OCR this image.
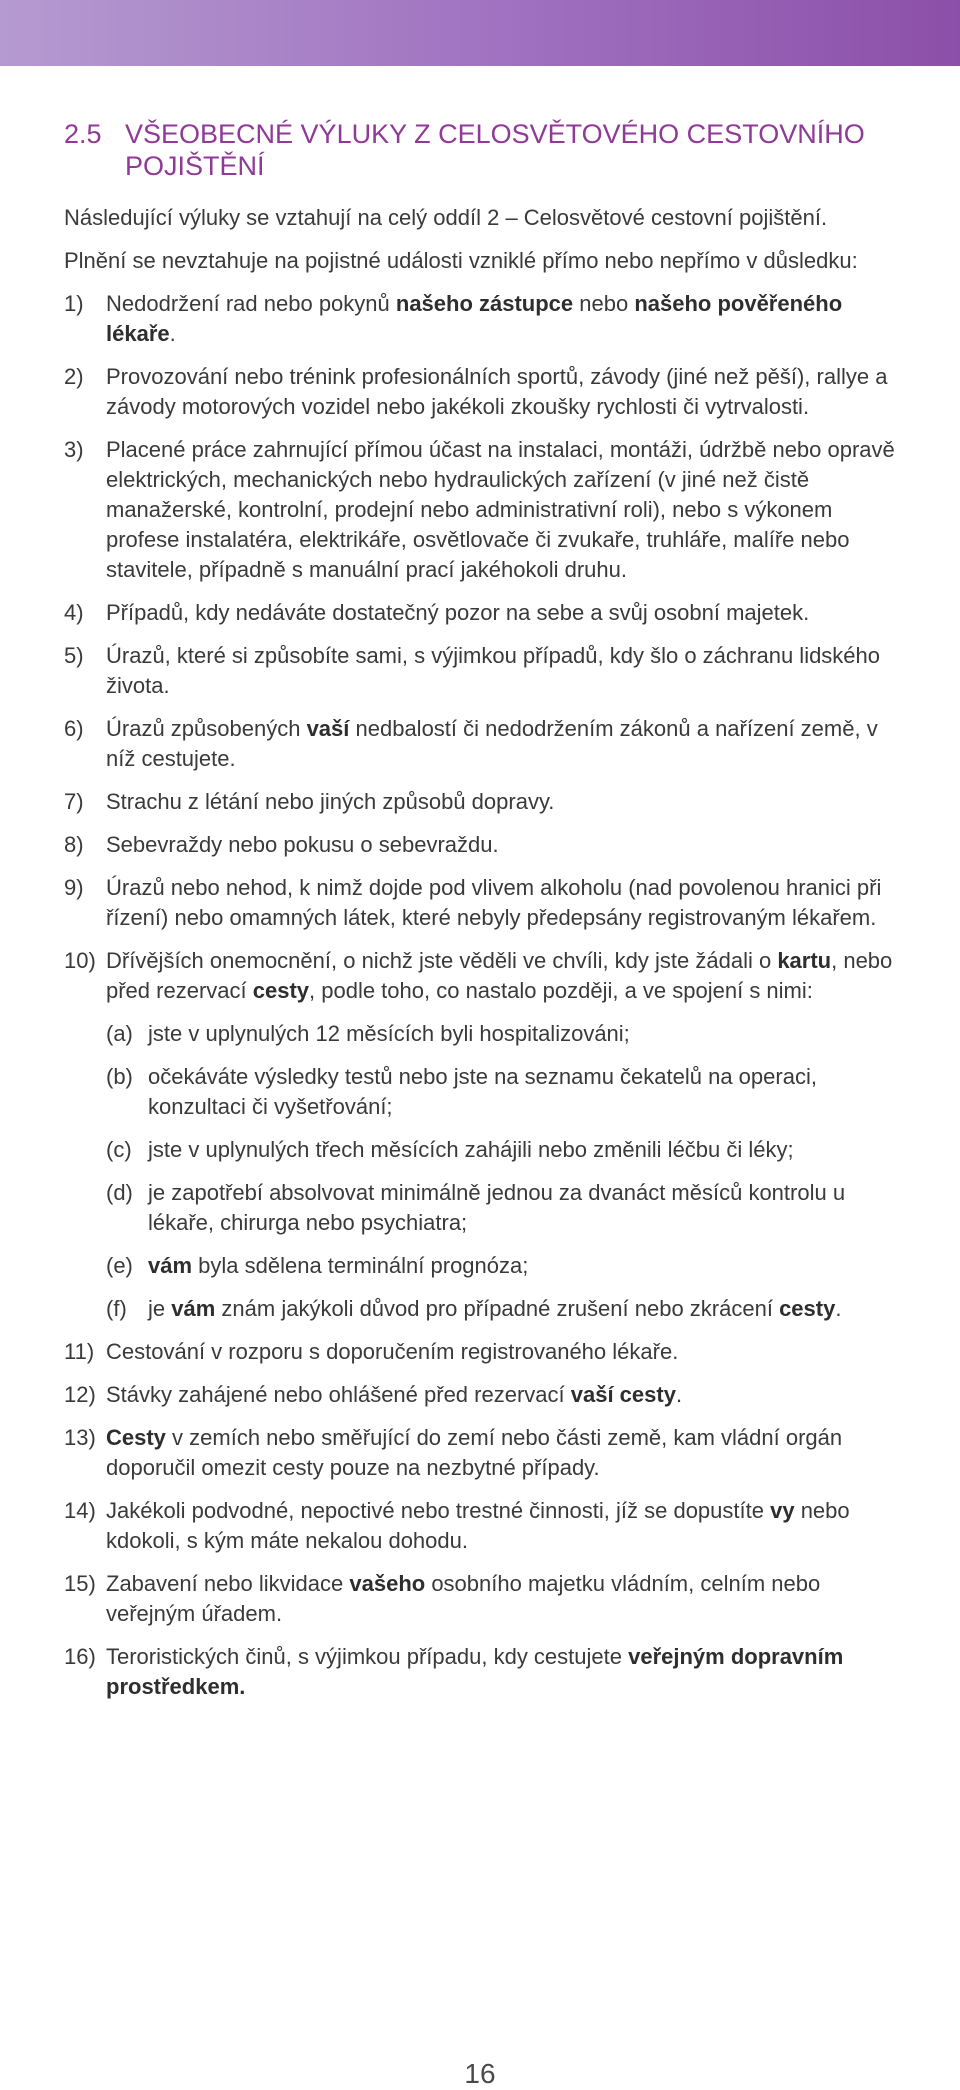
2.5 VŠEOBECNÉ VÝLUKY Z CELOSVĚTOVÉHO CESTOVNÍHO POJIŠTĚNÍ

Následující výluky se vztahují na celý oddíl 2 – Celosvětové cestovní pojištění.

Plnění se nevztahuje na pojistné události vzniklé přímo nebo nepřímo v důsledku:

1)	Nedodržení rad nebo pokynů našeho zástupce nebo našeho pověřeného lékaře.
2)	Provozování nebo trénink profesionálních sportů, závody (jiné než pěší), rallye a závody motorových vozidel nebo jakékoli zkoušky rychlosti či vytrvalosti.
3)	Placené práce zahrnující přímou účast na instalaci, montáži, údržbě nebo opravě elektrických, mechanických nebo hydraulických zařízení (v jiné než čistě manažerské, kontrolní, prodejní nebo administrativní roli), nebo s výkonem profese instalatéra, elektrikáře, osvětlovače či zvukaře, truhláře, malíře nebo stavitele, případně s manuální prací jakéhokoli druhu.
4)	Případů, kdy nedáváte dostatečný pozor na sebe a svůj osobní majetek.
5)	Úrazů, které si způsobíte sami, s výjimkou případů, kdy šlo o záchranu lidského života.
6)	Úrazů způsobených vaší nedbalostí či nedodržením zákonů a nařízení země, v níž cestujete.
7)	Strachu z létání nebo jiných způsobů dopravy.
8)	Sebevraždy nebo pokusu o sebevraždu.
9)	Úrazů nebo nehod, k nimž dojde pod vlivem alkoholu (nad povolenou hranici při řízení) nebo omamných látek, které nebyly předepsány registrovaným lékařem.
10) Dřívějších onemocnění, o nichž jste věděli ve chvíli, kdy jste žádali o kartu, nebo před rezervací cesty, podle toho, co nastalo později, a ve spojení s nimi:
(a) jste v uplynulých 12 měsících byli hospitalizováni;
(b) očekáváte výsledky testů nebo jste na seznamu čekatelů na operaci, konzultaci či vyšetřování;
(c) jste v uplynulých třech měsících zahájili nebo změnili léčbu či léky;
(d) je zapotřebí absolvovat minimálně jednou za dvanáct měsíců kontrolu u lékaře, chirurga nebo psychiatra;
(e) vám byla sdělena terminální prognóza;
(f) je vám znám jakýkoli důvod pro případné zrušení nebo zkrácení cesty.
11) Cestování v rozporu s doporučením registrovaného lékaře.
12) Stávky zahájené nebo ohlášené před rezervací vaší cesty.
13) Cesty v zemích nebo směřující do zemí nebo části země, kam vládní orgán doporučil omezit cesty pouze na nezbytné případy.
14) Jakékoli podvodné, nepoctivé nebo trestné činnosti, jíž se dopustíte vy nebo kdokoli, s kým máte nekalou dohodu.
15) Zabavení nebo likvidace vašeho osobního majetku vládním, celním nebo veřejným úřadem.
16) Teroristických činů, s výjimkou případu, kdy cestujete veřejným dopravním prostředkem.
16
